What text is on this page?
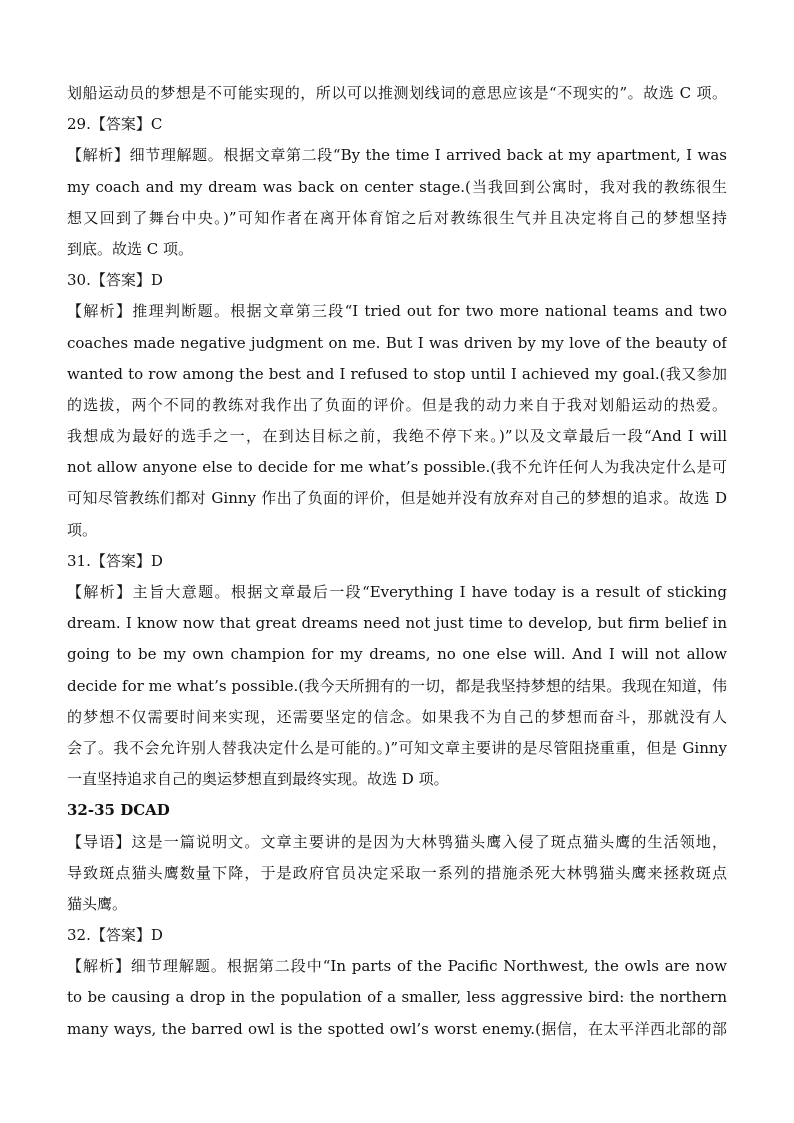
划船运动员的梦想是不可能实现的，所以可以推测划线词的意思应该是“不现实的”。故选 C 项。
29.【答案】C
【解析】细节理解题。根据文章第二段“By the time I arrived back at my apartment, I was
my coach and my dream was back on center stage.(当我回到公寓时，我对我的教练很生
想又回到了舞台中央。)”可知作者在离开体育馆之后对教练很生气并且决定将自己的梦想坚持
到底。故选 C 项。
30.【答案】D
【解析】推理判断题。根据文章第三段“I tried out for two more national teams and two
coaches made negative judgment on me. But I was driven by my love of the beauty of
wanted to row among the best and I refused to stop until I achieved my goal.(我又参加
的选拔，两个不同的教练对我作出了负面的评价。但是我的动力来自于我对划船运动的热爱。
我想成为最好的选手之一，在到达目标之前，我绝不停下来。)”以及文章最后一段“And I will
not allow anyone else to decide for me what’s possible.(我不允许任何人为我决定什么是可
可知尽管教练们都对 Ginny 作出了负面的评价，但是她并没有放弃对自己的梦想的追求。故选 D
项。
31.【答案】D
【解析】主旨大意题。根据文章最后一段“Everything I have today is a result of sticking
dream. I know now that great dreams need not just time to develop, but firm belief in
going to be my own champion for my dreams, no one else will. And I will not allow
decide for me what’s possible.(我今天所拥有的一切，都是我坚持梦想的结果。我现在知道，伟
的梦想不仅需要时间来实现，还需要坚定的信念。如果我不为自己的梦想而奋斗，那就没有人
会了。我不会允许别人替我决定什么是可能的。)”可知文章主要讲的是尽管阻挠重重，但是 Ginny
一直坚持追求自己的奥运梦想直到最终实现。故选 D 项。
32-35 DCAD
【导语】这是一篇说明文。文章主要讲的是因为大林鸮猫头鹰入侵了斑点猫头鹰的生活领地，
导致斑点猫头鹰数量下降，于是政府官员决定采取一系列的措施杀死大林鸮猫头鹰来拯救斑点
猫头鹰。
32.【答案】D
【解析】细节理解题。根据第二段中“In parts of the Pacific Northwest, the owls are now
to be causing a drop in the population of a smaller, less aggressive bird: the northern
many ways, the barred owl is the spotted owl’s worst enemy.(据信，在太平洋西北部的部
